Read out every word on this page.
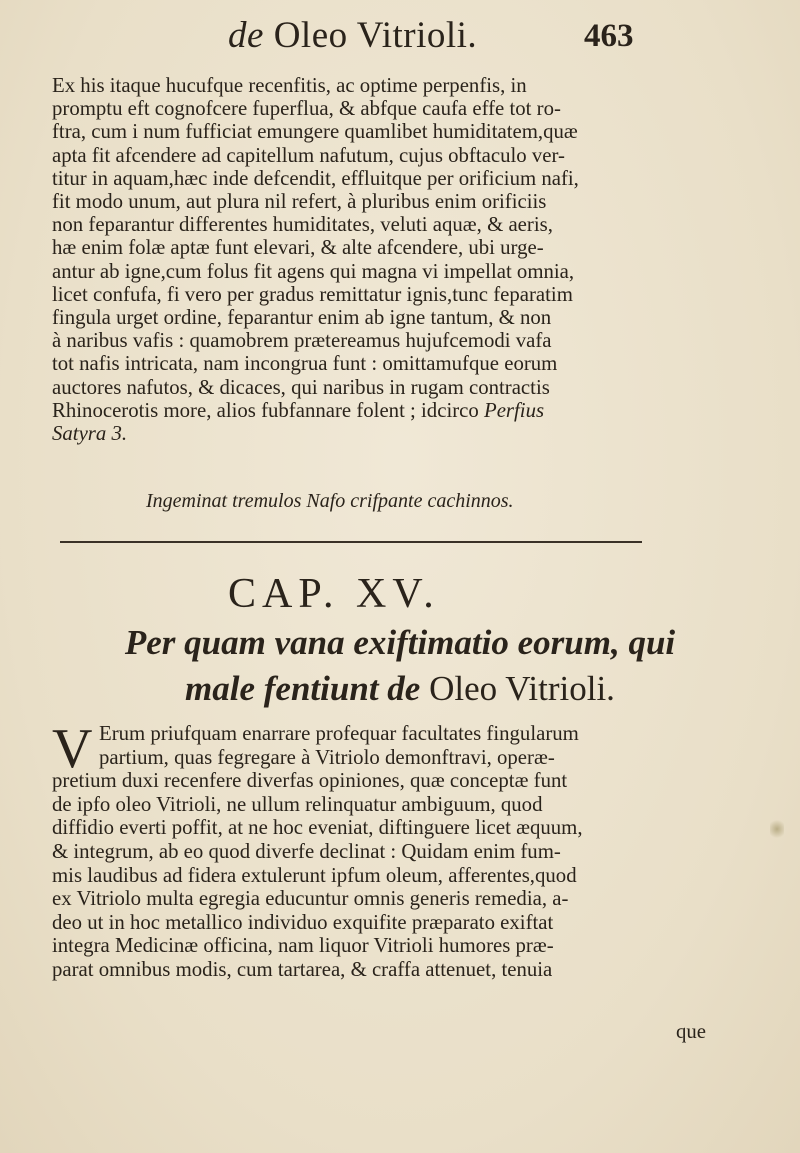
de Oleo Vitrioli.	463
Ex his itaque hucufque recenfitis, ac optime perpenfis, in
promptu eft cognofcere fuperflua, & abfque caufa effe tot ro-
ftra, cum i num fufficiat emungere quamlibet humiditatem,quæ
apta fit afcendere ad capitellum nafutum, cujus obftaculo ver-
titur in aquam,hæc inde defcendit, effluitque per orificium nafi,
fit modo unum, aut plura nil refert, à pluribus enim orificiis
non feparantur differentes humiditates, veluti aquæ, & aeris,
hæ enim folæ aptæ funt elevari, & alte afcendere, ubi urge-
antur ab igne,cum folus fit agens qui magna vi impellat omnia,
licet confufa, fi vero per gradus remittatur ignis,tunc feparatim
fingula urget ordine, feparantur enim ab igne tantum, & non
à naribus vafis : quamobrem prætereamus hujufcemodi vafa
tot nafis intricata, nam incongrua funt : omittamufque eorum
auctores nafutos, & dicaces, qui naribus in rugam contractis
Rhinocerotis more, alios fubfannare folent ; idcirco Perfius
Satyra 3.
Ingeminat tremulos Nafo crifpante cachinnos.
CAP. XV.
Per quam vana exiftimatio eorum, qui
male fentiunt de Oleo Vitrioli.
V Erum priufquam enarrare profequar facultates fingularum
partium, quas fegregare à Vitriolo demonftravi, operæ-
pretium duxi recenfere diverfas opiniones, quæ conceptæ funt
de ipfo oleo Vitrioli, ne ullum relinquatur ambiguum, quod
diffidio everti poffit, at ne hoc eveniat, diftinguere licet æquum,
& integrum, ab eo quod diverfe declinat : Quidam enim fum-
mis laudibus ad fidera extulerunt ipfum oleum, afferentes,quod
ex Vitriolo multa egregia educuntur omnis generis remedia, a-
deo ut in hoc metallico individuo exquifite præparato exiftat
integra Medicinæ officina, nam liquor Vitrioli humores præ-
parat omnibus modis, cum tartarea, & craffa attenuet, tenuia
que
